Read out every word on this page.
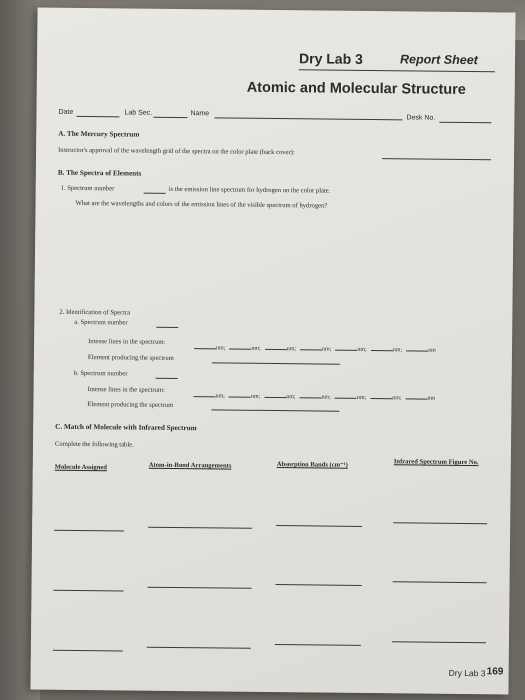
Dry Lab 3	Report Sheet
Atomic and Molecular Structure
Date	Lab Sec.	Name
Desk No.
A. The Mercury Spectrum
Instructor's approval of the wavelength grid of the spectra on the color plate (back cover):
B. The Spectra of Elements
1. Spectrum number	is the emission line spectrum for hydrogen on the color plate.
What are the wavelengths and colors of the emission lines of the visible spectrum of hydrogen?
2. Identification of Spectra
a. Spectrum number
Intense lines in the spectrum:
nm;	nm;	nm;	nm;	nm;	nm;	nm
Element producing the spectrum
b. Spectrum number
Intense lines in the spectrum:
nm;	nm;	nm;	nm;	nm;	nm;	nm
Element producing the spectrum
C. Match of Molecule with Infrared Spectrum
Complete the following table.
Molecule Assigned	Atom-in-Bond Arrangements	Absorption Bands (cm⁻¹)	Infrared Spectrum Figure No.
Dry Lab 3 169
